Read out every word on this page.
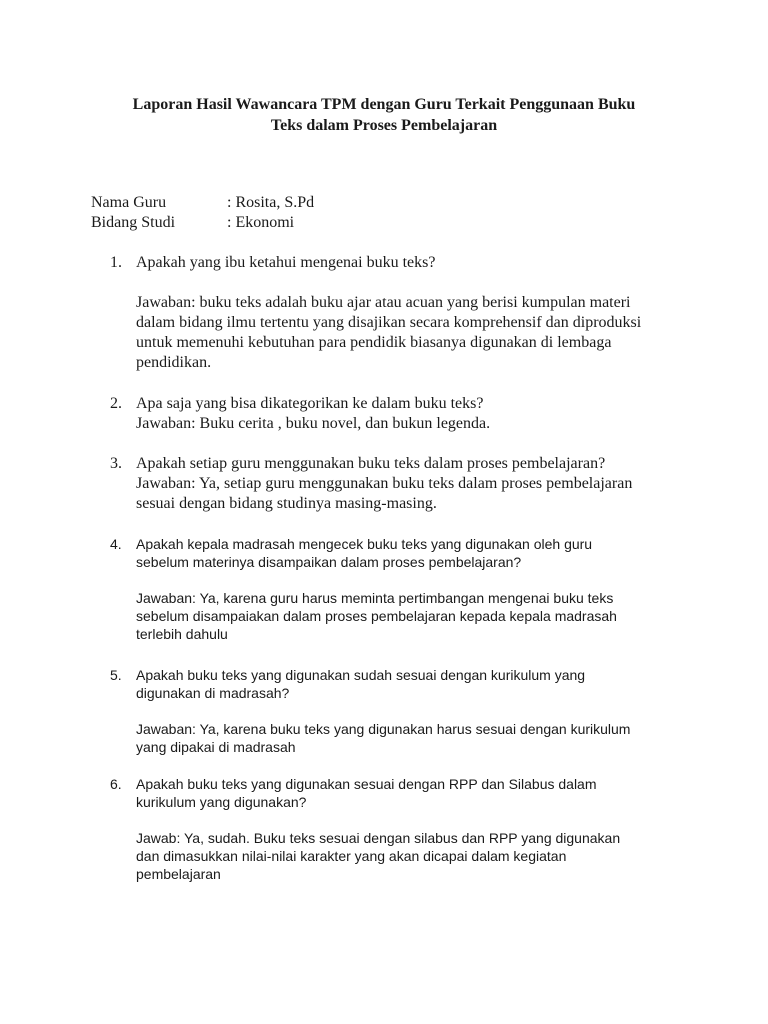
Laporan Hasil Wawancara TPM dengan Guru Terkait Penggunaan Buku
Teks dalam Proses Pembelajaran
Nama Guru	: Rosita, S.Pd
Bidang Studi	: Ekonomi
1. Apakah yang ibu ketahui mengenai buku teks?

Jawaban: buku teks adalah buku ajar atau acuan yang berisi kumpulan materi

dalam bidang ilmu tertentu yang disajikan secara komprehensif dan diproduksi

untuk memenuhi kebutuhan para pendidik biasanya digunakan di lembaga

pendidikan.

2. Apa saja yang bisa dikategorikan ke dalam buku teks?

Jawaban: Buku cerita , buku novel, dan bukun legenda.

3. Apakah setiap guru menggunakan buku teks dalam proses pembelajaran?

Jawaban: Ya, setiap guru menggunakan buku teks dalam proses pembelajaran

sesuai dengan bidang studinya masing-masing.

4.	Apakah kepala madrasah mengecek buku teks yang digunakan oleh guru

sebelum materinya disampaikan dalam proses pembelajaran?

Jawaban: Ya, karena guru harus meminta pertimbangan mengenai buku teks

sebelum disampaiakan dalam proses pembelajaran kepada kepala madrasah

terlebih dahulu

5.	Apakah buku teks yang digunakan sudah sesuai dengan kurikulum yang

digunakan di madrasah?

Jawaban: Ya, karena buku teks yang digunakan harus sesuai dengan kurikulum

yang dipakai di madrasah

6.	Apakah buku teks yang digunakan sesuai dengan RPP dan Silabus dalam

kurikulum yang digunakan?

Jawab: Ya, sudah. Buku teks sesuai dengan silabus dan RPP yang digunakan

dan dimasukkan nilai-nilai karakter yang akan dicapai dalam kegiatan

pembelajaran
